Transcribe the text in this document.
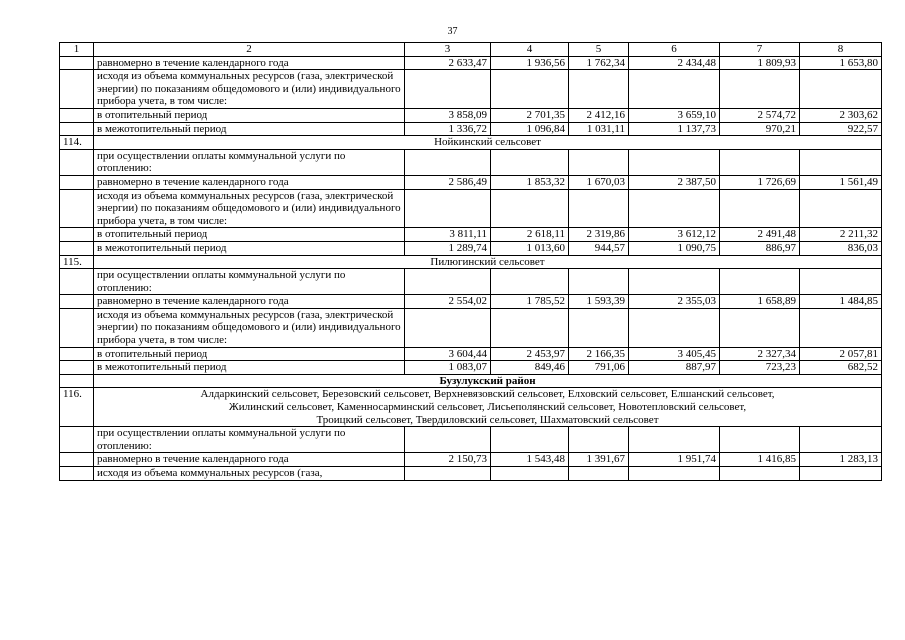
37
1	2	3	4	5	6	7	8
	равномерно в течение календарного года	2 633,47	1 936,56	1 762,34	2 434,48	1 809,93	1 653,80
	исходя из объема коммунальных ресурсов (газа, электрической энергии) по показаниям общедомового и (или) индивидуального прибора учета, в том числе:						
	в отопительный период	3 858,09	2 701,35	2 412,16	3 659,10	2 574,72	2 303,62
	в межотопительный период	1 336,72	1 096,84	1 031,11	1 137,73	970,21	922,57
114.	Нойкинский сельсовет						
	при осуществлении оплаты коммунальной услуги по отоплению:						
	равномерно в течение календарного года	2 586,49	1 853,32	1 670,03	2 387,50	1 726,69	1 561,49
	исходя из объема коммунальных ресурсов (газа, электрической энергии) по показаниям общедомового и (или) индивидуального прибора учета, в том числе:						
	в отопительный период	3 811,11	2 618,11	2 319,86	3 612,12	2 491,48	2 211,32
	в межотопительный период	1 289,74	1 013,60	944,57	1 090,75	886,97	836,03
115.	Пилюгинский сельсовет						
	при осуществлении оплаты коммунальной услуги по отоплению:						
	равномерно в течение календарного года	2 554,02	1 785,52	1 593,39	2 355,03	1 658,89	1 484,85
	исходя из объема коммунальных ресурсов (газа, электрической энергии) по показаниям общедомового и (или) индивидуального прибора учета, в том числе:						
	в отопительный период	3 604,44	2 453,97	2 166,35	3 405,45	2 327,34	2 057,81
	в межотопительный период	1 083,07	849,46	791,06	887,97	723,23	682,52
	Бузулукский район						
116.	Алдаркинский сельсовет, Березовский сельсовет, Верхневязовский сельсовет, Елховский сельсовет, Елшанский сельсовет,
Жилинский сельсовет, Каменносарминский сельсовет, Лисьеполянский сельсовет, Новотепловский сельсовет,
Троицкий сельсовет, Твердиловский сельсовет, Шахматовский сельсовет						

	при осуществлении оплаты коммунальной услуги по отоплению:						
	равномерно в течение календарного года	2 150,73	1 543,48	1 391,67	1 951,74	1 416,85	1 283,13
	исходя из объема коммунальных ресурсов (газа,						
